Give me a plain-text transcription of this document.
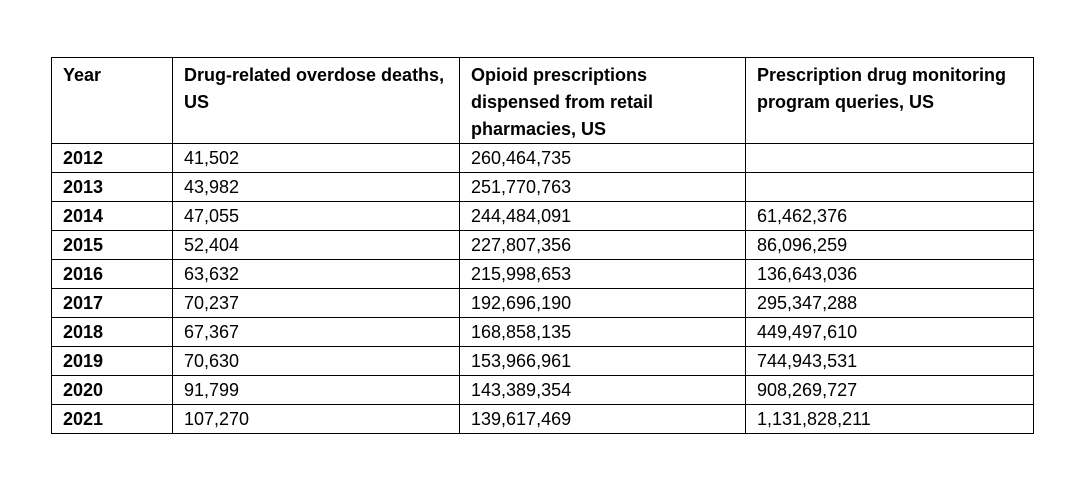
Year	Drug-related overdose deaths, US	Opioid prescriptions dispensed from retail pharmacies, US	Prescription drug monitoring program queries, US
2012	41,502	260,464,735	
2013	43,982	251,770,763	
2014	47,055	244,484,091	61,462,376
2015	52,404	227,807,356	86,096,259
2016	63,632	215,998,653	136,643,036
2017	70,237	192,696,190	295,347,288
2018	67,367	168,858,135	449,497,610
2019	70,630	153,966,961	744,943,531
2020	91,799	143,389,354	908,269,727
2021	107,270	139,617,469	1,131,828,211
